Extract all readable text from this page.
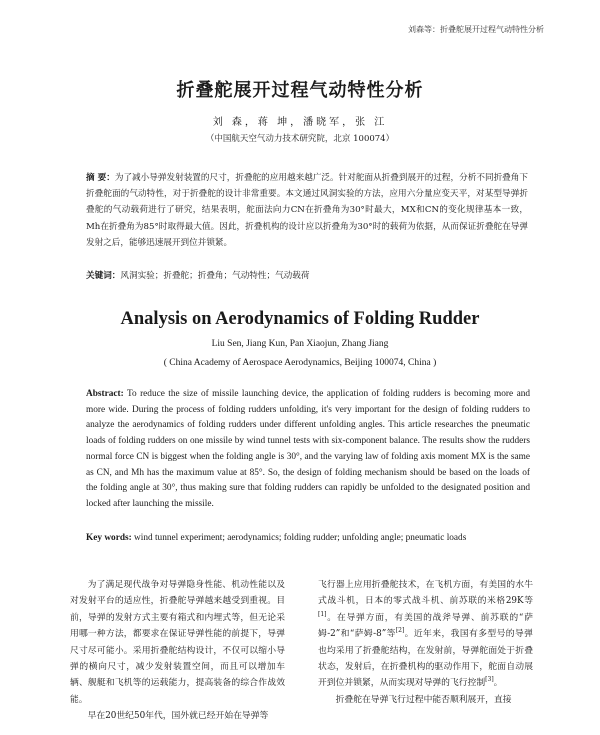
刘森等：折叠舵展开过程气动特性分析
折叠舵展开过程气动特性分析
刘 森，蒋 坤，潘晓军，张 江
（中国航天空气动力技术研究院，北京 100074）
摘 要：为了减小导弹发射装置的尺寸，折叠舵的应用越来越广泛。针对舵面从折叠到展开的过程，分析不同折叠角下折叠舵面的气动特性，对于折叠舵的设计非常重要。本文通过风洞实验的方法，应用六分量应变天平，对某型导弹折叠舵的气动载荷进行了研究，结果表明，舵面法向力CN在折叠角为30°时最大，MX和CN的变化规律基本一致，Mh在折叠角为85°时取得最大值。因此，折叠机构的设计应以折叠角为30°时的载荷为依据，从而保证折叠舵在导弹发射之后，能够迅速展开到位并锁紧。
关键词：风洞实验；折叠舵；折叠角；气动特性；气动载荷
Analysis on Aerodynamics of Folding Rudder
Liu Sen, Jiang Kun, Pan Xiaojun, Zhang Jiang
( China Academy of Aerospace Aerodynamics, Beijing 100074, China )
Abstract: To reduce the size of missile launching device, the application of folding rudders is becoming more and more wide. During the process of folding rudders unfolding, it's very important for the design of folding rudders to analyze the aerodynamics of folding rudders under different unfolding angles. This article researches the pneumatic loads of folding rudders on one missile by wind tunnel tests with six-component balance. The results show the rudders normal force CN is biggest when the folding angle is 30°, and the varying law of folding axis moment MX is the same as CN, and Mh has the maximum value at 85°. So, the design of folding mechanism should be based on the loads of the folding angle at 30°, thus making sure that folding rudders can rapidly be unfolded to the designated position and locked after launching the missile.
Key words: wind tunnel experiment; aerodynamics; folding rudder; unfolding angle; pneumatic loads

为了满足现代战争对导弹隐身性能、机动性能以及对发射平台的适应性，折叠舵导弹越来越受到重视。目前，导弹的发射方式主要有箱式和内埋式等，但无论采用哪一种方法，都要求在保证导弹性能的前提下，导弹尺寸尽可能小。采用折叠舵结构设计，不仅可以缩小导弹的横向尺寸，减少发射装置空间，而且可以增加车辆、舰艇和飞机等的运载能力，提高装备的综合作战效能。

早在20世纪50年代，国外就已经开始在导弹等

飞行器上应用折叠舵技术，在飞机方面，有美国的水牛式战斗机，日本的零式战斗机、前苏联的米格29K等[1]。在导弹方面，有美国的战斧导弹、前苏联的“萨姆-2”和“萨姆-8”等[2]。近年来，我国有多型号的导弹也均采用了折叠舵结构，在发射前，导弹舵面处于折叠状态，发射后，在折叠机构的驱动作用下，舵面自动展开到位并锁紧，从而实现对导弹的飞行控制[3]。

折叠舵在导弹飞行过程中能否顺利展开，直接
